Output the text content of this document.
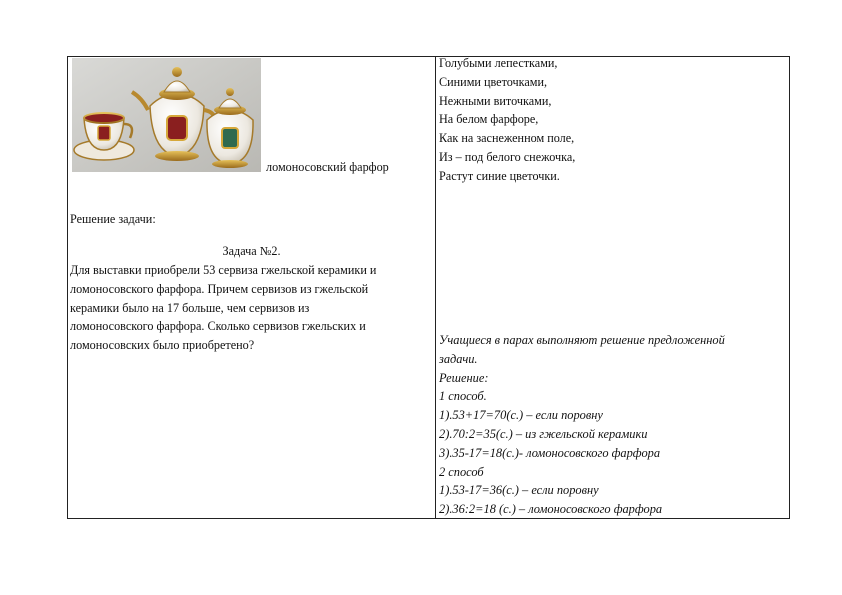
ломоносовский фарфор
Решение задачи:
Задача №2.
Для выставки приобрели 53 сервиза гжельской керамики и
ломоносовского фарфора. Причем сервизов из гжельской
керамики было на 17 больше, чем сервизов из
ломоносовского фарфора. Сколько сервизов гжельских и
ломоносовских было приобретено?
Голубыми лепестками,
Синими цветочками,
Нежными виточками,
На белом фарфоре,
Как на заснеженном поле,
Из – под белого снежочка,
Растут синие цветочки.
Учащиеся в парах выполняют решение предложенной
задачи.
Решение:
1 способ.
1).53+17=70(с.) – если поровну
2).70:2=35(с.) – из гжельской керамики
3).35-17=18(с.)- ломоносовского фарфора
2 способ
1).53-17=36(с.) – если поровну
2).36:2=18 (с.) – ломоносовского фарфора
